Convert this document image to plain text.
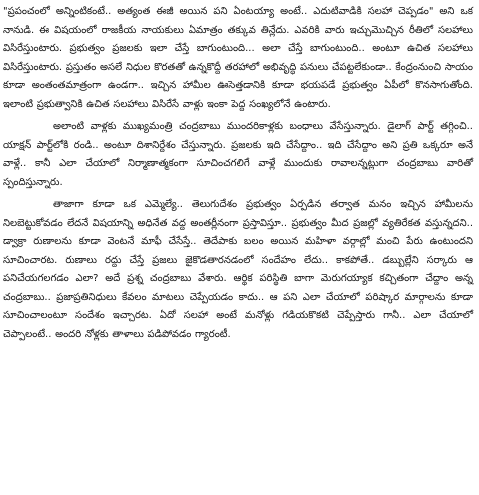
"ప్రపంచంలో అన్నింటికంటే.. అత్యంత ఈజీ అయిన పని ఏంటయ్యా అంటే.. ఎదుటివాడికి సలహా చెప్పడం" అని ఒక నానుడి. ఈ విషయంలో రాజకీయ నాయకులు ఏమాత్రం తక్కువ తిన్లేదు. ఎవరికి వారు ఇచ్చుమొచ్చిన రీతిలో సలహాలు విసిరేస్తుంటారు. ప్రభుత్వం ప్రజలకు ఇలా చేస్తే బాగుంటుంది... అలా చేస్తే బాగుంటుంది.. అంటూ ఉచిత సలహాలు విసిరేస్తుంటారు. ప్రస్తుతం అసలే నిధుల కొరతతో ఉన్నకొద్దీ తరహాలో అభివృద్ధి పనులు చేపట్టలేకుండా.. కేంద్రంనుంచి సాయం కూడా అంతంతమాత్రంగా ఉండగా.. ఇచ్చిన హామీల ఊసెత్తడానికి కూడా భయపడే ప్రభుత్వం ఏపీలో కొనసాగుతోంది. ఇలాంటి ప్రభుత్వానికి ఉచిత సలహాలు విసిరేసే వాళ్లు ఇంకా పెద్ద సంఖ్యలోనే ఉంటారు.

అలాంటి వాళ్లకు ముఖ్యమంత్రి చంద్రబాబు ముందరికాళ్లకు బంధాలు వేసేస్తున్నారు. డైలాగ్ పార్ట్ తగ్గించి.. యాక్షన్ పార్ట్‌లోకి రండి.. అంటూ దిశానిర్దేశం చేస్తున్నారు. ప్రజలకు ఇది చేసేద్దాం.. ఇది చేసేద్దాం అని ప్రతి ఒక్కరూ అనే వాళ్లే.. కానీ ఎలా చేయాలో నిర్మాణాత్మకంగా సూచించగలిగే వాళ్లే ముందుకు రావాలన్నట్లుగా చంద్రబాబు వారితో స్పందిస్తున్నారు.

తాజాగా కూడా ఒక ఎమ్మెల్యే.. తెలుగుదేశం ప్రభుత్వం ఏర్పడిన తర్వాత మనం ఇచ్చిన హామీలను నిలబెట్టుకోవడం లేదనే విషయాన్ని అధినేత వద్ద అంతర్లీనంగా ప్రస్తావిస్తూ.. ప్రభుత్వం మీద ప్రజల్లో వ్యతిరేకత వస్తున్నదని.. డ్వాక్రా రుణాలను కూడా వెంటనే మాఫీ చేసేస్తే.. తెదేపాకు బలం అయిన మహిళా వర్గాల్లో మంచి పేరు ఉంటుందని సూచించారట. రుణాలు రద్దు చేస్తే ప్రజలు జైకొడతారనడంలో సందేహం లేదు.. కాకపోతే.. డబ్బుల్లేని సర్కారు ఆ పనిచేయగలగడం ఎలా? అదే ప్రశ్న చంద్రబాబు వేశారు. ఆర్థిక పరిస్థితి బాగా మెరుగయ్యాక కచ్చితంగా చేద్దాం అన్న చంద్రబాబు.. ప్రజాప్రతినిధులు కేవలం మాటలు చెప్పేయడం కాదు.. ఆ పని ఎలా చేయాలో పరిష్కార మార్గాలను కూడా సూచించాలంటూ సందేశం ఇచ్చారట. ఏదో సలహా అంటే మనోళ్లు గడియకొకటి చెప్పేస్తారు గానీ.. ఎలా చేయాలో చెప్పాలంటే.. అందరి నోళ్లకు తాళాలు పడిపోవడం గ్యారంటీ.
